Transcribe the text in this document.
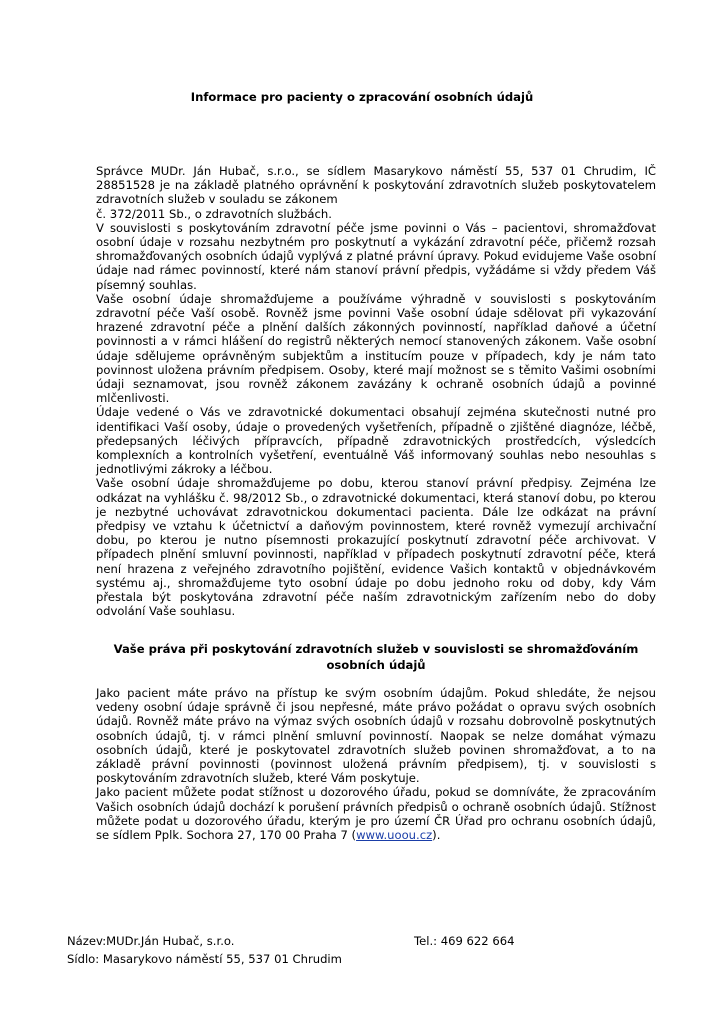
Informace pro pacienty o zpracování osobních údajů

Správce MUDr. Ján Hubač, s.r.o., se sídlem Masarykovo náměstí 55, 537 01 Chrudim, IČ 28851528 je na základě platného oprávnění k poskytování zdravotních služeb poskytovatelem zdravotních služeb v souladu se zákonem

č. 372/2011 Sb., o zdravotních službách.

V souvislosti s poskytováním zdravotní péče jsme povinni o Vás – pacientovi, shromažďovat osobní údaje v rozsahu nezbytném pro poskytnutí a vykázání zdravotní péče, přičemž rozsah shromažďovaných osobních údajů vyplývá z platné právní úpravy. Pokud evidujeme Vaše osobní údaje nad rámec povinností, které nám stanoví právní předpis, vyžádáme si vždy předem Váš písemný souhlas.

Vaše osobní údaje shromažďujeme a používáme výhradně v souvislosti s poskytováním zdravotní péče Vaší osobě. Rovněž jsme povinni Vaše osobní údaje sdělovat při vykazování hrazené zdravotní péče a plnění dalších zákonných povinností, například daňové a účetní povinnosti a v rámci hlášení do registrů některých nemocí stanovených zákonem. Vaše osobní údaje sdělujeme oprávněným subjektům a institucím pouze v případech, kdy je nám tato povinnost uložena právním předpisem. Osoby, které mají možnost se s těmito Vašimi osobními údaji seznamovat, jsou rovněž zákonem zavázány k ochraně osobních údajů a povinné mlčenlivosti.

Údaje vedené o Vás ve zdravotnické dokumentaci obsahují zejména skutečnosti nutné pro identifikaci Vaší osoby, údaje o provedených vyšetřeních, případně o zjištěné diagnóze, léčbě, předepsaných léčivých přípravcích, případně zdravotnických prostředcích, výsledcích komplexních a kontrolních vyšetření, eventuálně Váš informovaný souhlas nebo nesouhlas s jednotlivými zákroky a léčbou.

Vaše osobní údaje shromažďujeme po dobu, kterou stanoví právní předpisy. Zejména lze odkázat na vyhlášku č. 98/2012 Sb., o zdravotnické dokumentaci, která stanoví dobu, po kterou je nezbytné uchovávat zdravotnickou dokumentaci pacienta. Dále lze odkázat na právní předpisy ve vztahu k účetnictví a daňovým povinnostem, které rovněž vymezují archivační dobu, po kterou je nutno písemnosti prokazující poskytnutí zdravotní péče archivovat. V případech plnění smluvní povinnosti, například v případech poskytnutí zdravotní péče, která není hrazena z veřejného zdravotního pojištění, evidence Vašich kontaktů v objednávkovém systému aj., shromažďujeme tyto osobní údaje po dobu jednoho roku od doby, kdy Vám přestala být poskytována zdravotní péče naším zdravotnickým zařízením nebo do doby odvolání Vaše souhlasu.

Vaše práva při poskytování zdravotních služeb v souvislosti se shromažďováním osobních údajů

Jako pacient máte právo na přístup ke svým osobním údajům. Pokud shledáte, že nejsou vedeny osobní údaje správně či jsou nepřesné, máte právo požádat o opravu svých osobních údajů. Rovněž máte právo na výmaz svých osobních údajů v rozsahu dobrovolně poskytnutých osobních údajů, tj. v rámci plnění smluvní povinností. Naopak se nelze domáhat výmazu osobních údajů, které je poskytovatel zdravotních služeb povinen shromažďovat, a to na základě právní povinnosti (povinnost uložená právním předpisem), tj. v souvislosti s poskytováním zdravotních služeb, které Vám poskytuje.

Jako pacient můžete podat stížnost u dozorového úřadu, pokud se domníváte, že zpracováním Vašich osobních údajů dochází k porušení právních předpisů o ochraně osobních údajů. Stížnost můžete podat u dozorového úřadu, kterým je pro území ČR Úřad pro ochranu osobních údajů, se sídlem Pplk. Sochora 27, 170 00 Praha 7 (www.uoou.cz).

Název:MUDr.Ján Hubač, s.r.o.	Tel.: 469 622 664
Sídlo: Masarykovo náměstí 55, 537 01 Chrudim
